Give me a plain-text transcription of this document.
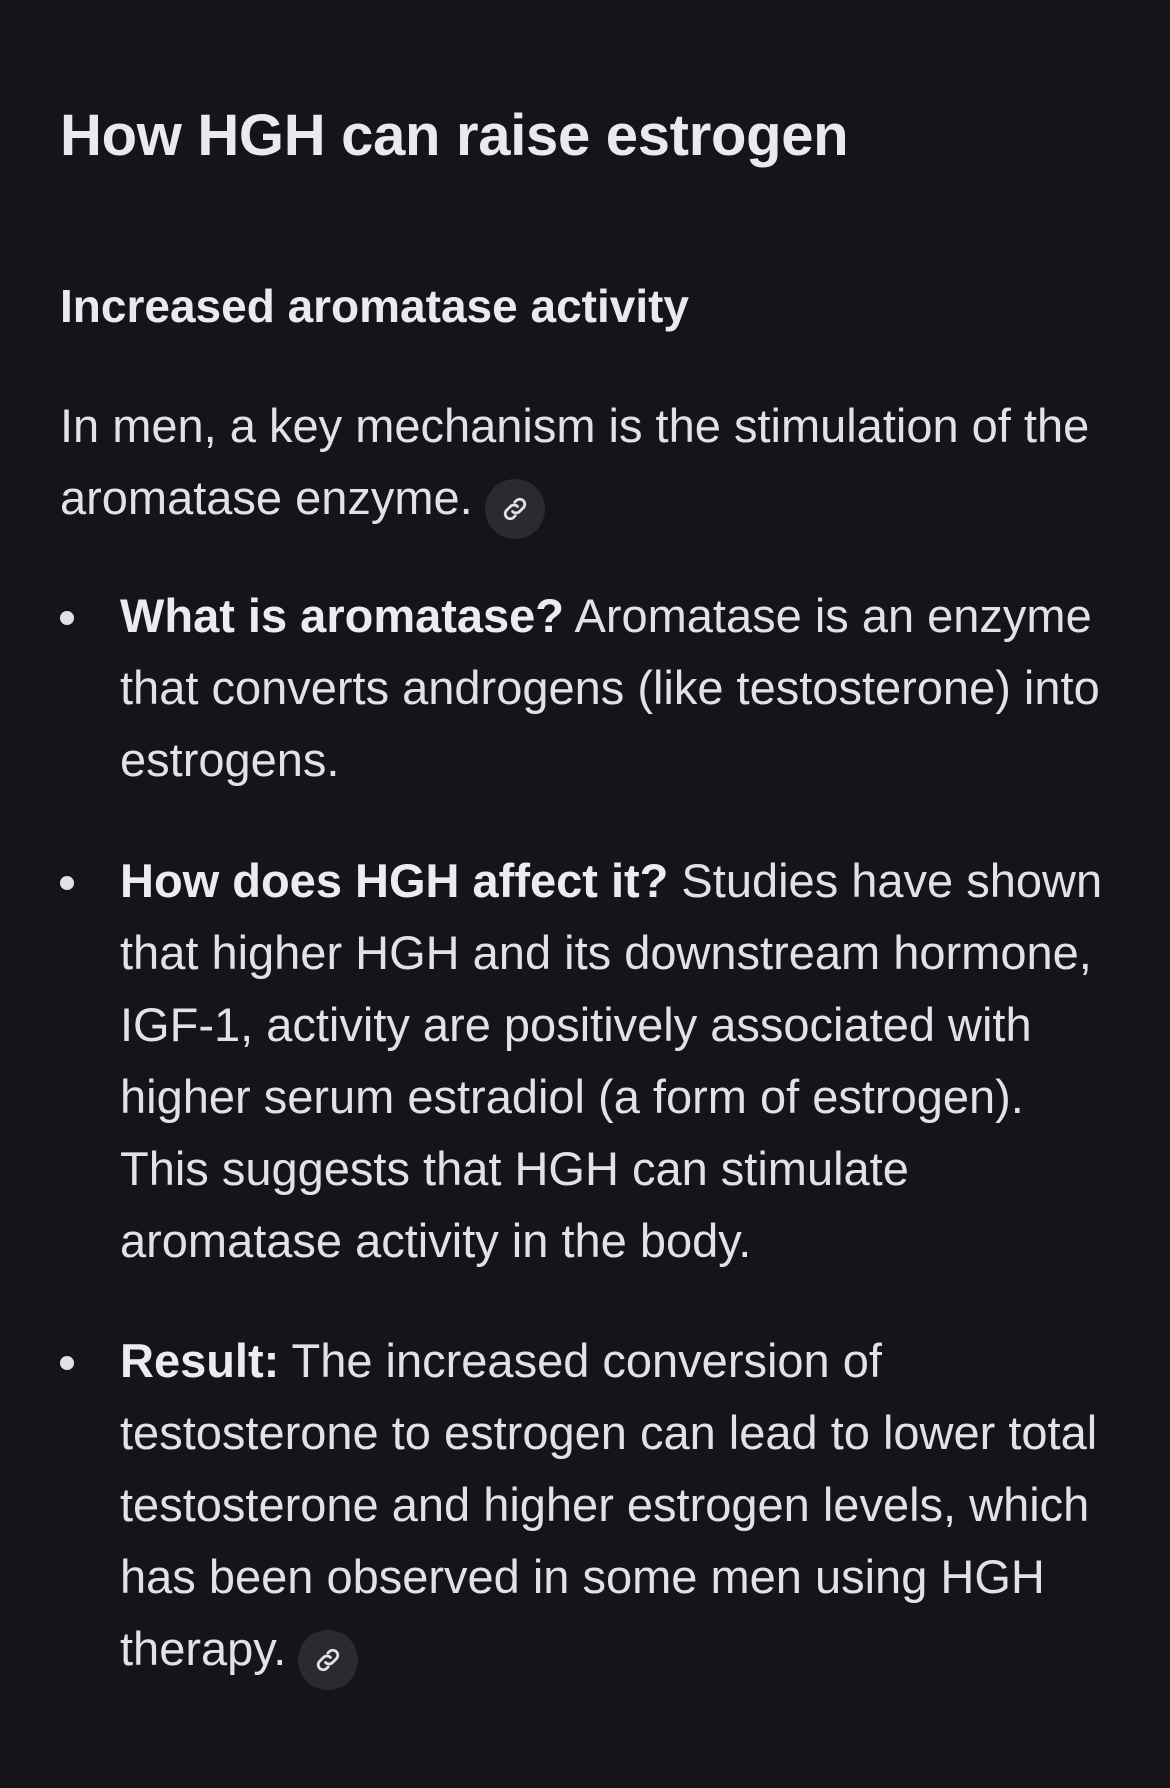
How HGH can raise estrogen
Increased aromatase activity
In men, a key mechanism is the stimulation of the aromatase enzyme.
What is aromatase? Aromatase is an enzyme that converts androgens (like testosterone) into estrogens.
How does HGH affect it? Studies have shown that higher HGH and its downstream hormone, IGF-1, activity are positively associated with higher serum estradiol (a form of estrogen). This suggests that HGH can stimulate aromatase activity in the body.
Result: The increased conversion of testosterone to estrogen can lead to lower total testosterone and higher estrogen levels, which has been observed in some men using HGH therapy.
